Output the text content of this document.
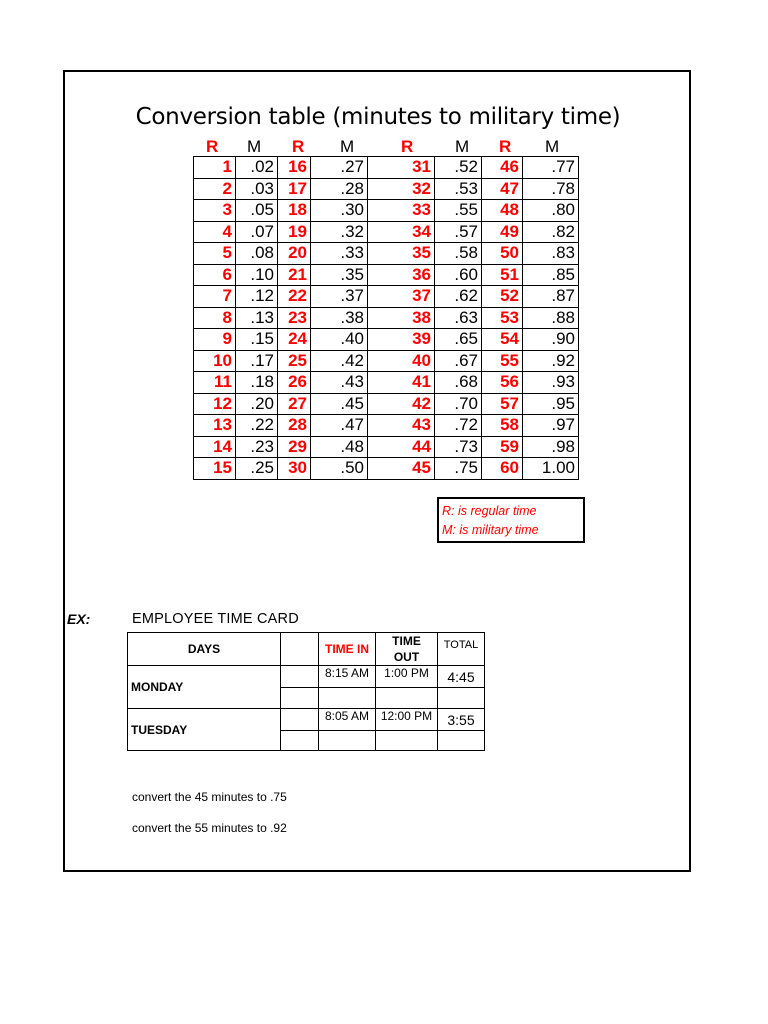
Conversion table (minutes to military time)
R M R M	R M R M
1	.02	16	.27	31	.52	46	.77
2	.03	17	.28	32	.53	47	.78
3	.05	18	.30	33	.55	48	.80
4	.07	19	.32	34	.57	49	.82
5	.08	20	.33	35	.58	50	.83
6	.10	21	.35	36	.60	51	.85
7	.12	22	.37	37	.62	52	.87
8	.13	23	.38	38	.63	53	.88
9	.15	24	.40	39	.65	54	.90
10	.17	25	.42	40	.67	55	.92
11	.18	26	.43	41	.68	56	.93
12	.20	27	.45	42	.70	57	.95
13	.22	28	.47	43	.72	58	.97
14	.23	29	.48	44	.73	59	.98
15	.25	30	.50	45	.75	60	1.00
R: is regular time
M: is military time
EX:	EMPLOYEE TIME CARD
DAYS		TIME IN	TIME
OUT	TOTAL
MONDAY		8:15 AM	1:00 PM	4:45

TUESDAY		8:05 AM	12:00 PM	3:55

convert the 45 minutes to .75
convert the 55 minutes to .92
